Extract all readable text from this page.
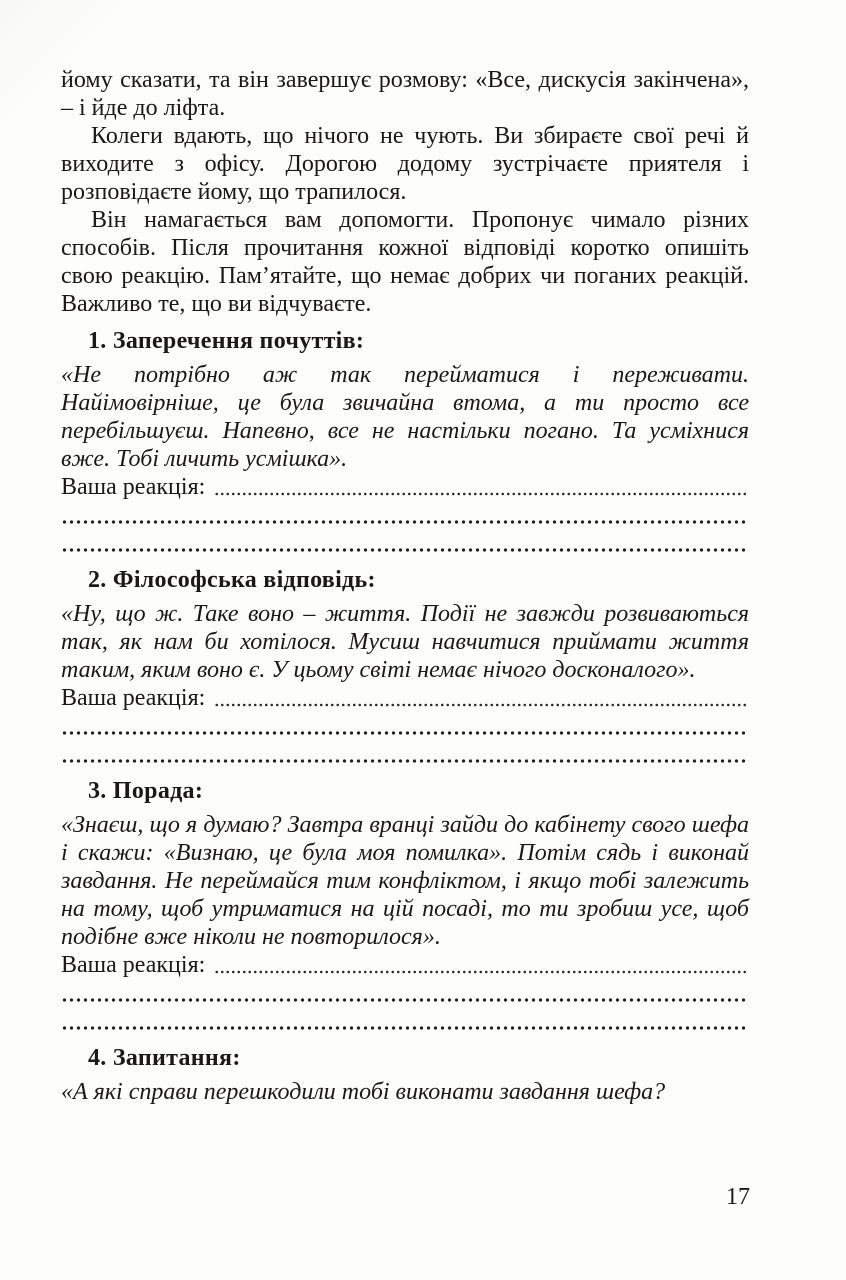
йому сказати, та він завершує розмову: «Все, дискусія закінчена», – і йде до ліфта.

Колеги вдають, що нічого не чують. Ви збираєте свої речі й виходите з офісу. Дорогою додому зустрічаєте приятеля і розповідаєте йому, що трапилося.

Він намагається вам допомогти. Пропонує чимало різних способів. Після прочитання кожної відповіді коротко опишіть свою реакцію. Пам’ятайте, що немає добрих чи поганих реакцій. Важливо те, що ви відчуваєте.

1. Заперечення почуттів:

«Не потрібно аж так перейматися і переживати. Найімовірніше, це була звичайна втома, а ти просто все перебільшуєш. Напевно, все не настільки погано. Та усміхнися вже. Тобі личить усмішка».

Ваша реакція:
2. Філософська відповідь:

«Ну, що ж. Таке воно – життя. Події не завжди розвиваються так, як нам би хотілося. Мусиш навчитися приймати життя таким, яким воно є. У цьому світі немає нічого досконалого».

Ваша реакція:
3. Порада:

«Знаєш, що я думаю? Завтра вранці зайди до кабінету свого шефа і скажи: «Визнаю, це була моя помилка». Потім сядь і виконай завдання. Не переймайся тим конфліктом, і якщо тобі залежить на тому, щоб утриматися на цій посаді, то ти зробиш усе, щоб подібне вже ніколи не повторилося».

Ваша реакція:
4. Запитання:

«А які справи перешкодили тобі виконати завдання шефа?

17
